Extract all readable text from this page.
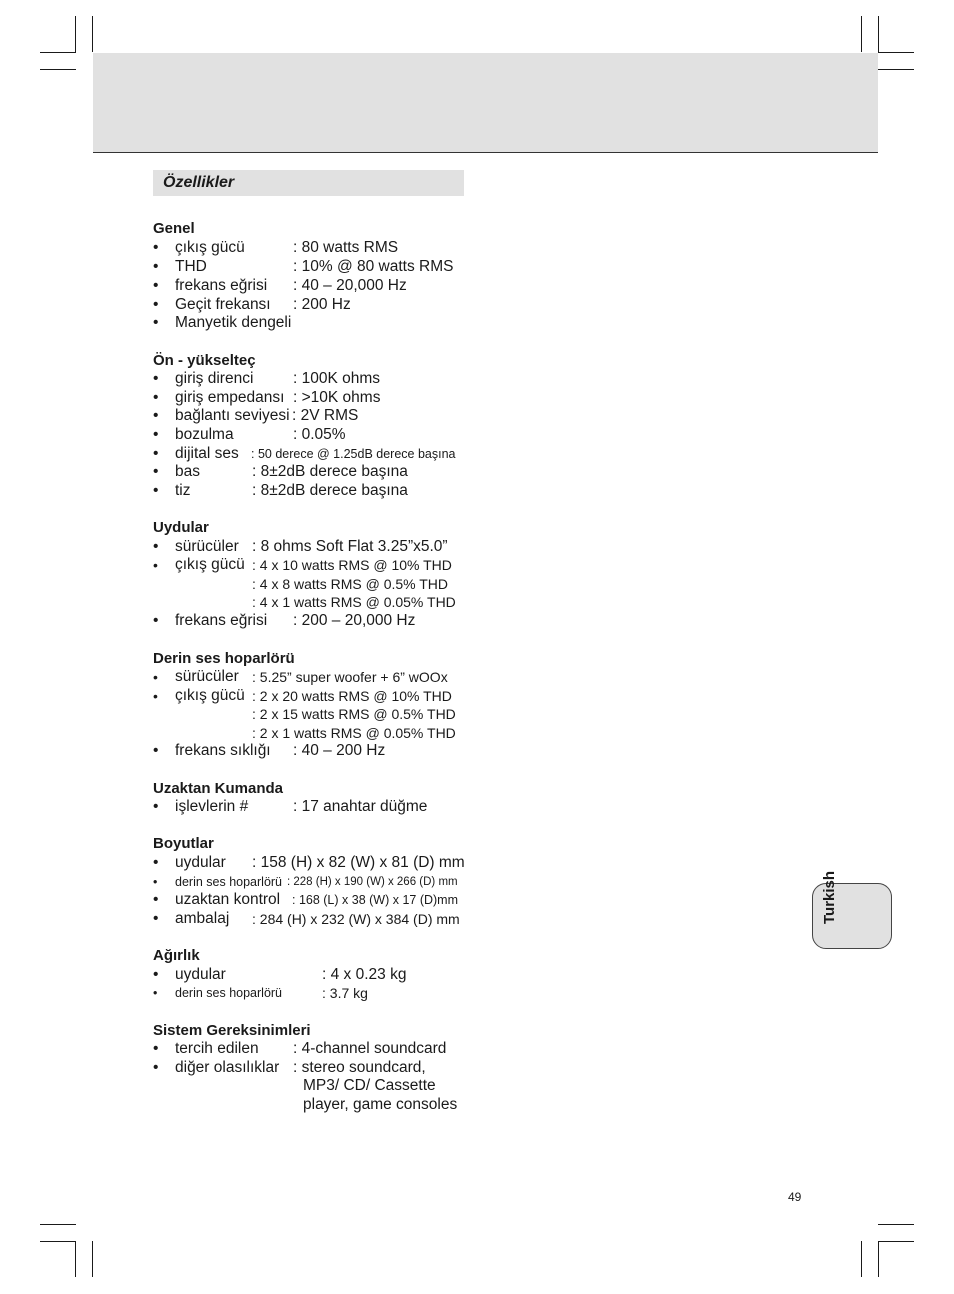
Özellikler
Genel
•	çıkış gücü	: 80 watts RMS
•	THD	: 10% @ 80 watts RMS
•	frekans eğrisi : 40 – 20,000 Hz
•	Geçit frekansı : 200 Hz
•	Manyetik dengeli
Ön - yükselteç
•	giriş direnci	: 100K ohms
•	giriş empedansı : >10K ohms
•	bağlantı seviyesi : 2V RMS
•	bozulma	: 0.05%
•	dijital ses : 50 derece @ 1.25dB derece başına
•	bas	: 8±2dB derece başına
•	tiz	: 8±2dB derece başına
Uydular
•	sürücüler : 8 ohms Soft Flat 3.25”x5.0”
•	çıkış gücü : 4 x 10 watts RMS @ 10% THD
: 4 x 8 watts RMS @ 0.5% THD
: 4 x 1 watts RMS @ 0.05% THD
•	frekans eğrisi : 200 – 20,000 Hz
Derin ses hoparlörü
•	sürücüler : 5.25” super woofer + 6” wOOx
•	çıkış gücü : 2 x 20 watts RMS @ 10% THD
: 2 x 15 watts RMS @ 0.5% THD
: 2 x 1 watts RMS @ 0.05% THD
•	frekans sıklığı : 40 – 200 Hz
Uzaktan Kumanda
•	işlevlerin #	: 17 anahtar düğme
Boyutlar
•	uydular : 158 (H) x 82 (W) x 81 (D) mm
•	derin ses hoparlörü : 228 (H) x 190 (W) x 266 (D) mm
•	uzaktan kontrol : 168 (L) x 38 (W) x 17 (D)mm
•	ambalaj : 284 (H) x 232 (W) x 384 (D) mm
Ağırlık
•	uydular	: 4 x 0.23 kg
•	derin ses hoparlörü	: 3.7 kg
Sistem Gereksinimleri
•	tercih edilen : 4-channel soundcard
•	diğer olasılıklar : stereo soundcard,
MP3/ CD/ Cassette
player, game consoles
Turkish
49
